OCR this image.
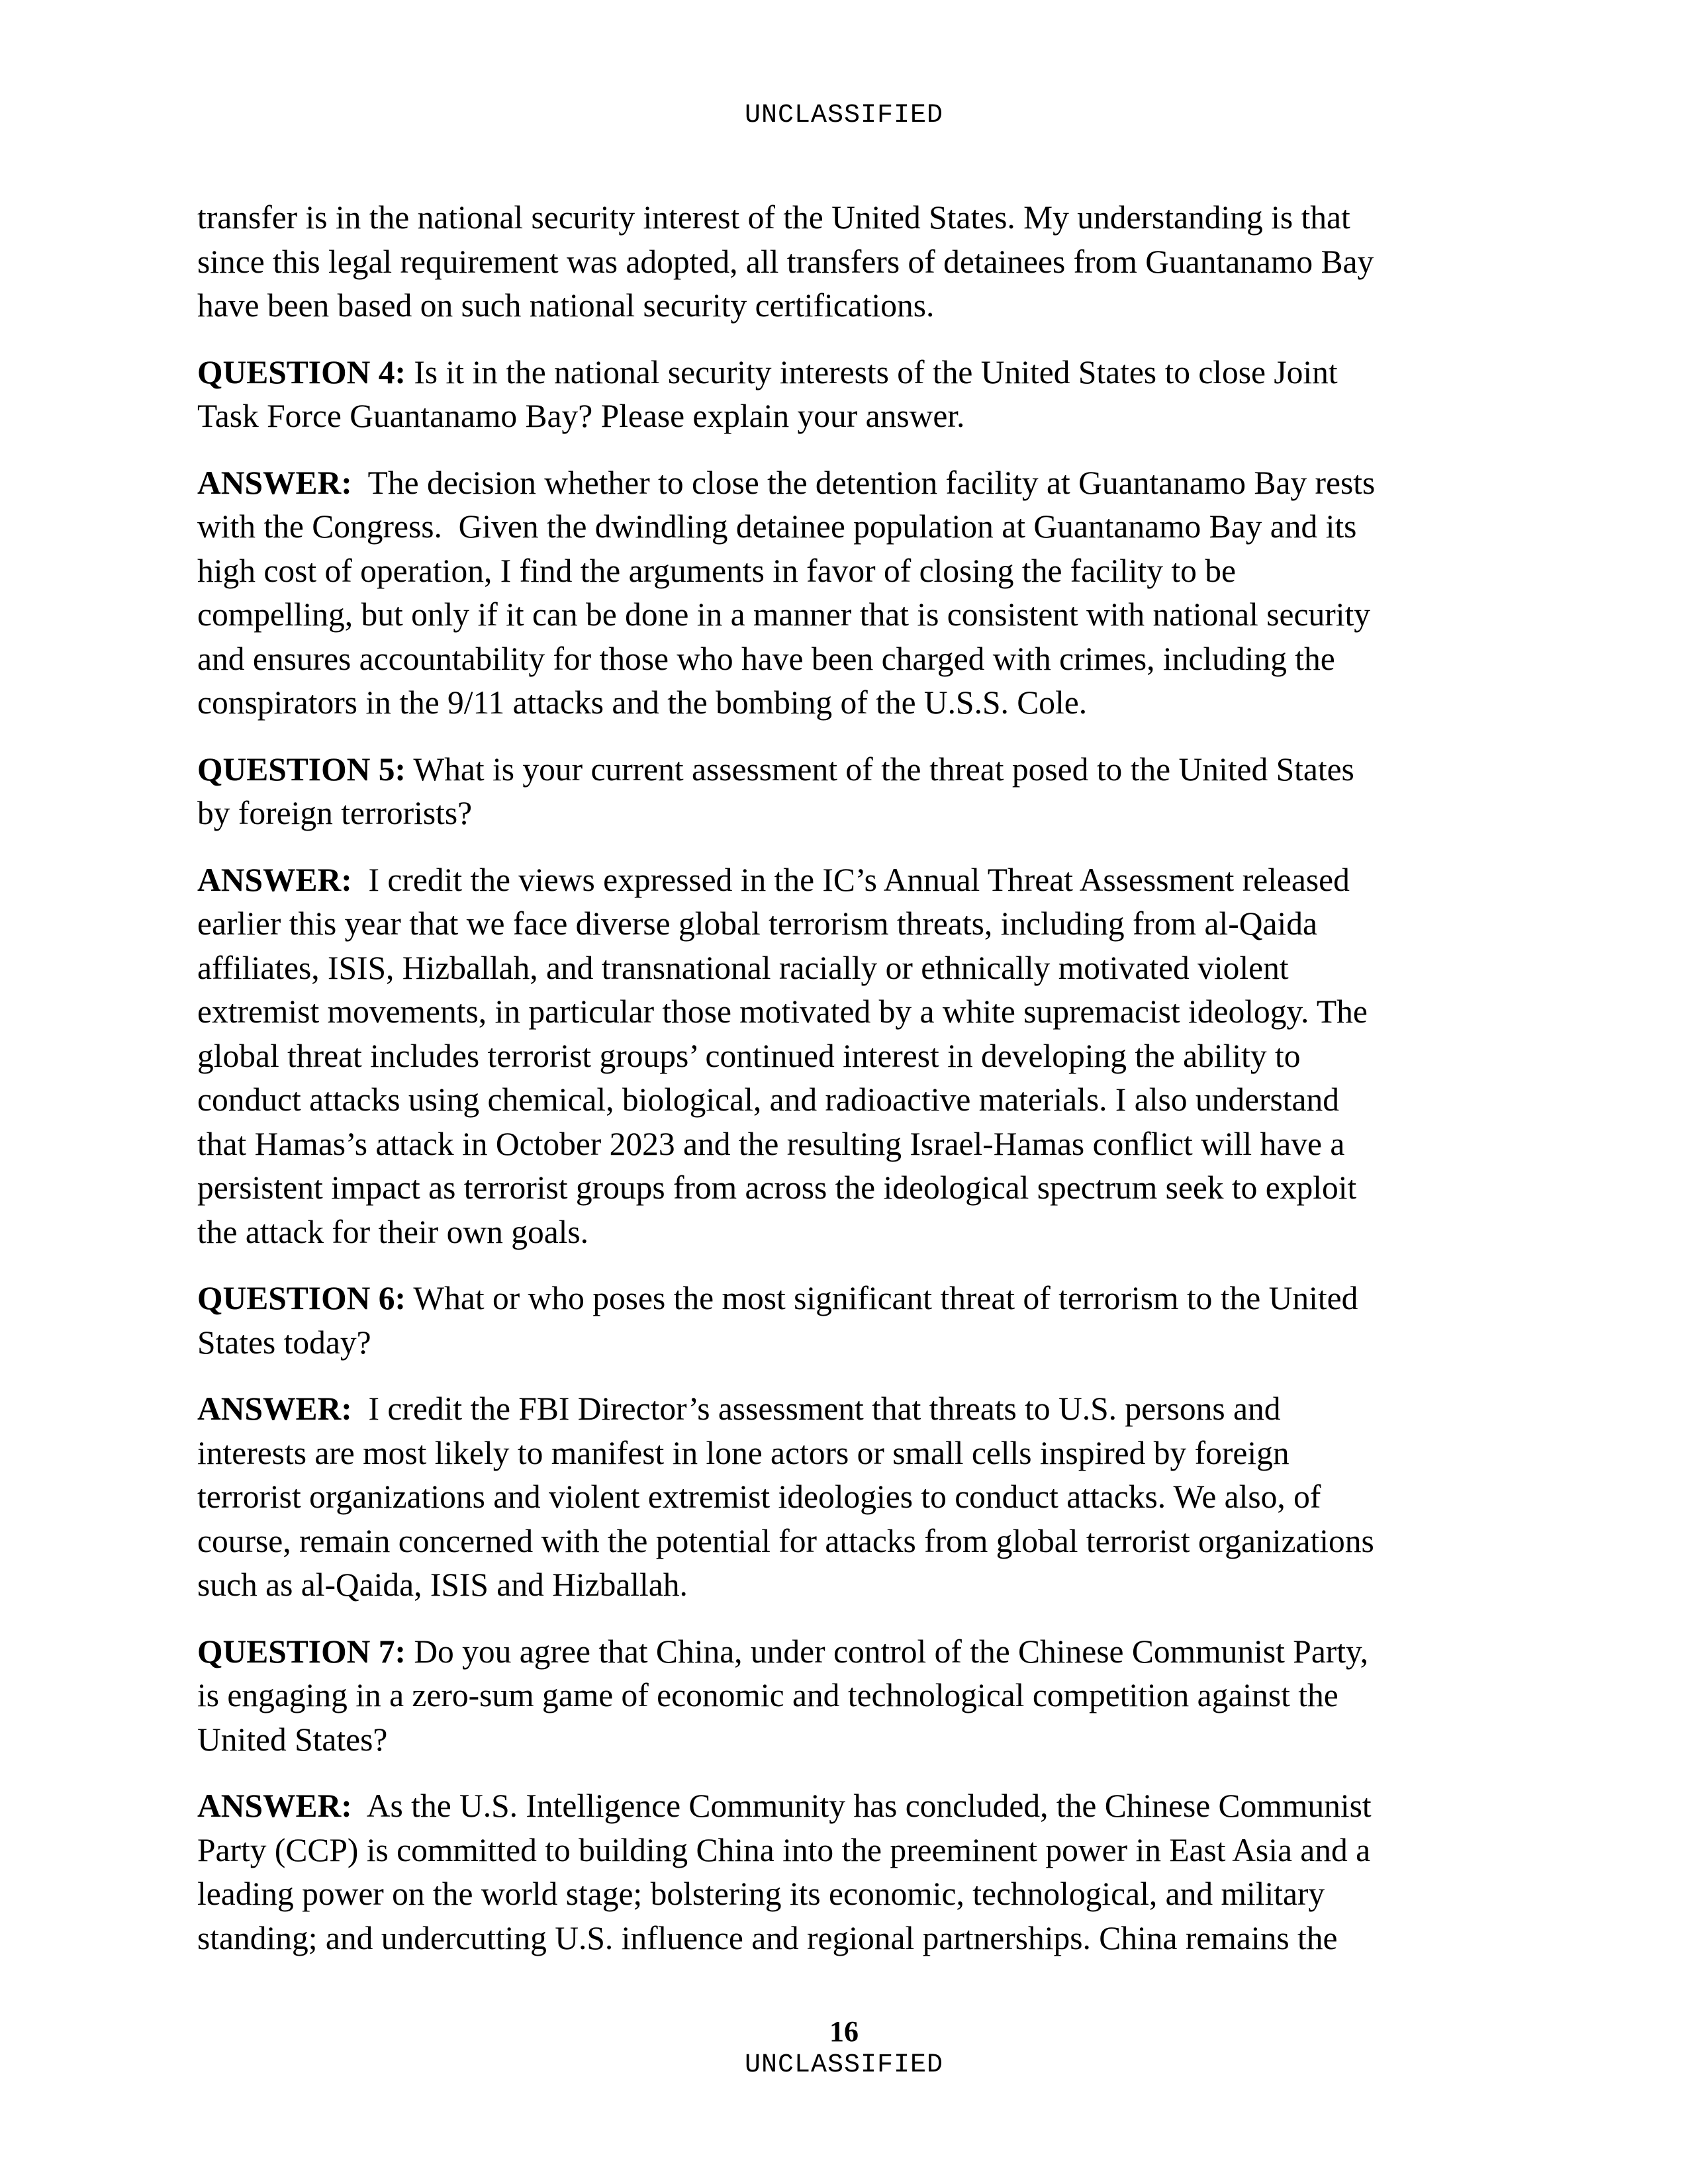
UNCLASSIFIED

transfer is in the national security interest of the United States. My understanding is that
since this legal requirement was adopted, all transfers of detainees from Guantanamo Bay
have been based on such national security certifications.

QUESTION 4: Is it in the national security interests of the United States to close Joint
Task Force Guantanamo Bay? Please explain your answer.

ANSWER:  The decision whether to close the detention facility at Guantanamo Bay rests
with the Congress.  Given the dwindling detainee population at Guantanamo Bay and its
high cost of operation, I find the arguments in favor of closing the facility to be
compelling, but only if it can be done in a manner that is consistent with national security
and ensures accountability for those who have been charged with crimes, including the
conspirators in the 9/11 attacks and the bombing of the U.S.S. Cole.

QUESTION 5: What is your current assessment of the threat posed to the United States
by foreign terrorists?

ANSWER:  I credit the views expressed in the IC’s Annual Threat Assessment released
earlier this year that we face diverse global terrorism threats, including from al-Qaida
affiliates, ISIS, Hizballah, and transnational racially or ethnically motivated violent
extremist movements, in particular those motivated by a white supremacist ideology. The
global threat includes terrorist groups’ continued interest in developing the ability to
conduct attacks using chemical, biological, and radioactive materials. I also understand
that Hamas’s attack in October 2023 and the resulting Israel-Hamas conflict will have a
persistent impact as terrorist groups from across the ideological spectrum seek to exploit
the attack for their own goals.

QUESTION 6: What or who poses the most significant threat of terrorism to the United
States today?

ANSWER:  I credit the FBI Director’s assessment that threats to U.S. persons and
interests are most likely to manifest in lone actors or small cells inspired by foreign
terrorist organizations and violent extremist ideologies to conduct attacks. We also, of
course, remain concerned with the potential for attacks from global terrorist organizations
such as al-Qaida, ISIS and Hizballah.

QUESTION 7: Do you agree that China, under control of the Chinese Communist Party,
is engaging in a zero-sum game of economic and technological competition against the
United States?

ANSWER:  As the U.S. Intelligence Community has concluded, the Chinese Communist
Party (CCP) is committed to building China into the preeminent power in East Asia and a
leading power on the world stage; bolstering its economic, technological, and military
standing; and undercutting U.S. influence and regional partnerships. China remains the

16
UNCLASSIFIED
